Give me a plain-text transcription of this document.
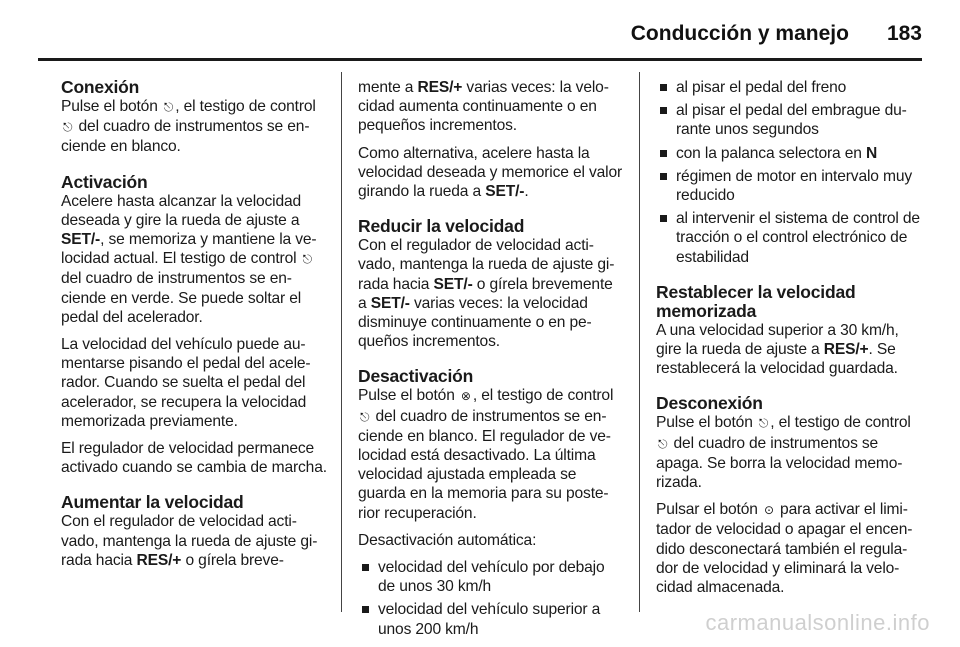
Conducción y manejo 183
Conexión

Pulse el botón ⎋ , el testigo de control ⎋ del cuadro de instrumentos se enciende en blanco.

Activación

Acelere hasta alcanzar la velocidad deseada y gire la rueda de ajuste a SET/-, se memoriza y mantiene la velocidad actual. El testigo de control ⎋ del cuadro de instrumentos se enciende en verde. Se puede soltar el pedal del acelerador.

La velocidad del vehículo puede aumentarse pisando el pedal del acelerador. Cuando se suelta el pedal del acelerador, se recupera la velocidad memorizada previamente.

El regulador de velocidad permanece activado cuando se cambia de marcha.

Aumentar la velocidad

Con el regulador de velocidad activado, mantenga la rueda de ajuste girada hacia RES/+ o gírela breve-

mente a RES/+ varias veces: la velocidad aumenta continuamente o en pequeños incrementos.

Como alternativa, acelere hasta la velocidad deseada y memorice el valor girando la rueda a SET/-.

Reducir la velocidad

Con el regulador de velocidad activado, mantenga la rueda de ajuste girada hacia SET/- o gírela brevemente a SET/- varias veces: la velocidad disminuye continuamente o en pequeños incrementos.

Desactivación

Pulse el botón ⊗ , el testigo de control ⎋ del cuadro de instrumentos se enciende en blanco. El regulador de velocidad está desactivado. La última velocidad ajustada empleada se guarda en la memoria para su posterior recuperación.

Desactivación automática:

velocidad del vehículo por debajo de unos 30 km/h
velocidad del vehículo superior a unos 200 km/h
al pisar el pedal del freno
al pisar el pedal del embrague durante unos segundos
con la palanca selectora en N
régimen de motor en intervalo muy reducido
al intervenir el sistema de control de tracción o el control electrónico de estabilidad
Restablecer la velocidad memorizada

A una velocidad superior a 30 km/h, gire la rueda de ajuste a RES/+. Se restablecerá la velocidad guardada.

Desconexión

Pulse el botón ⎋ , el testigo de control ⎋ del cuadro de instrumentos se apaga. Se borra la velocidad memorizada.

Pulsar el botón ⊙ para activar el limitador de velocidad o apagar el encendido desconectará también el regulador de velocidad y eliminará la velocidad almacenada.

carmanualsonline.info
